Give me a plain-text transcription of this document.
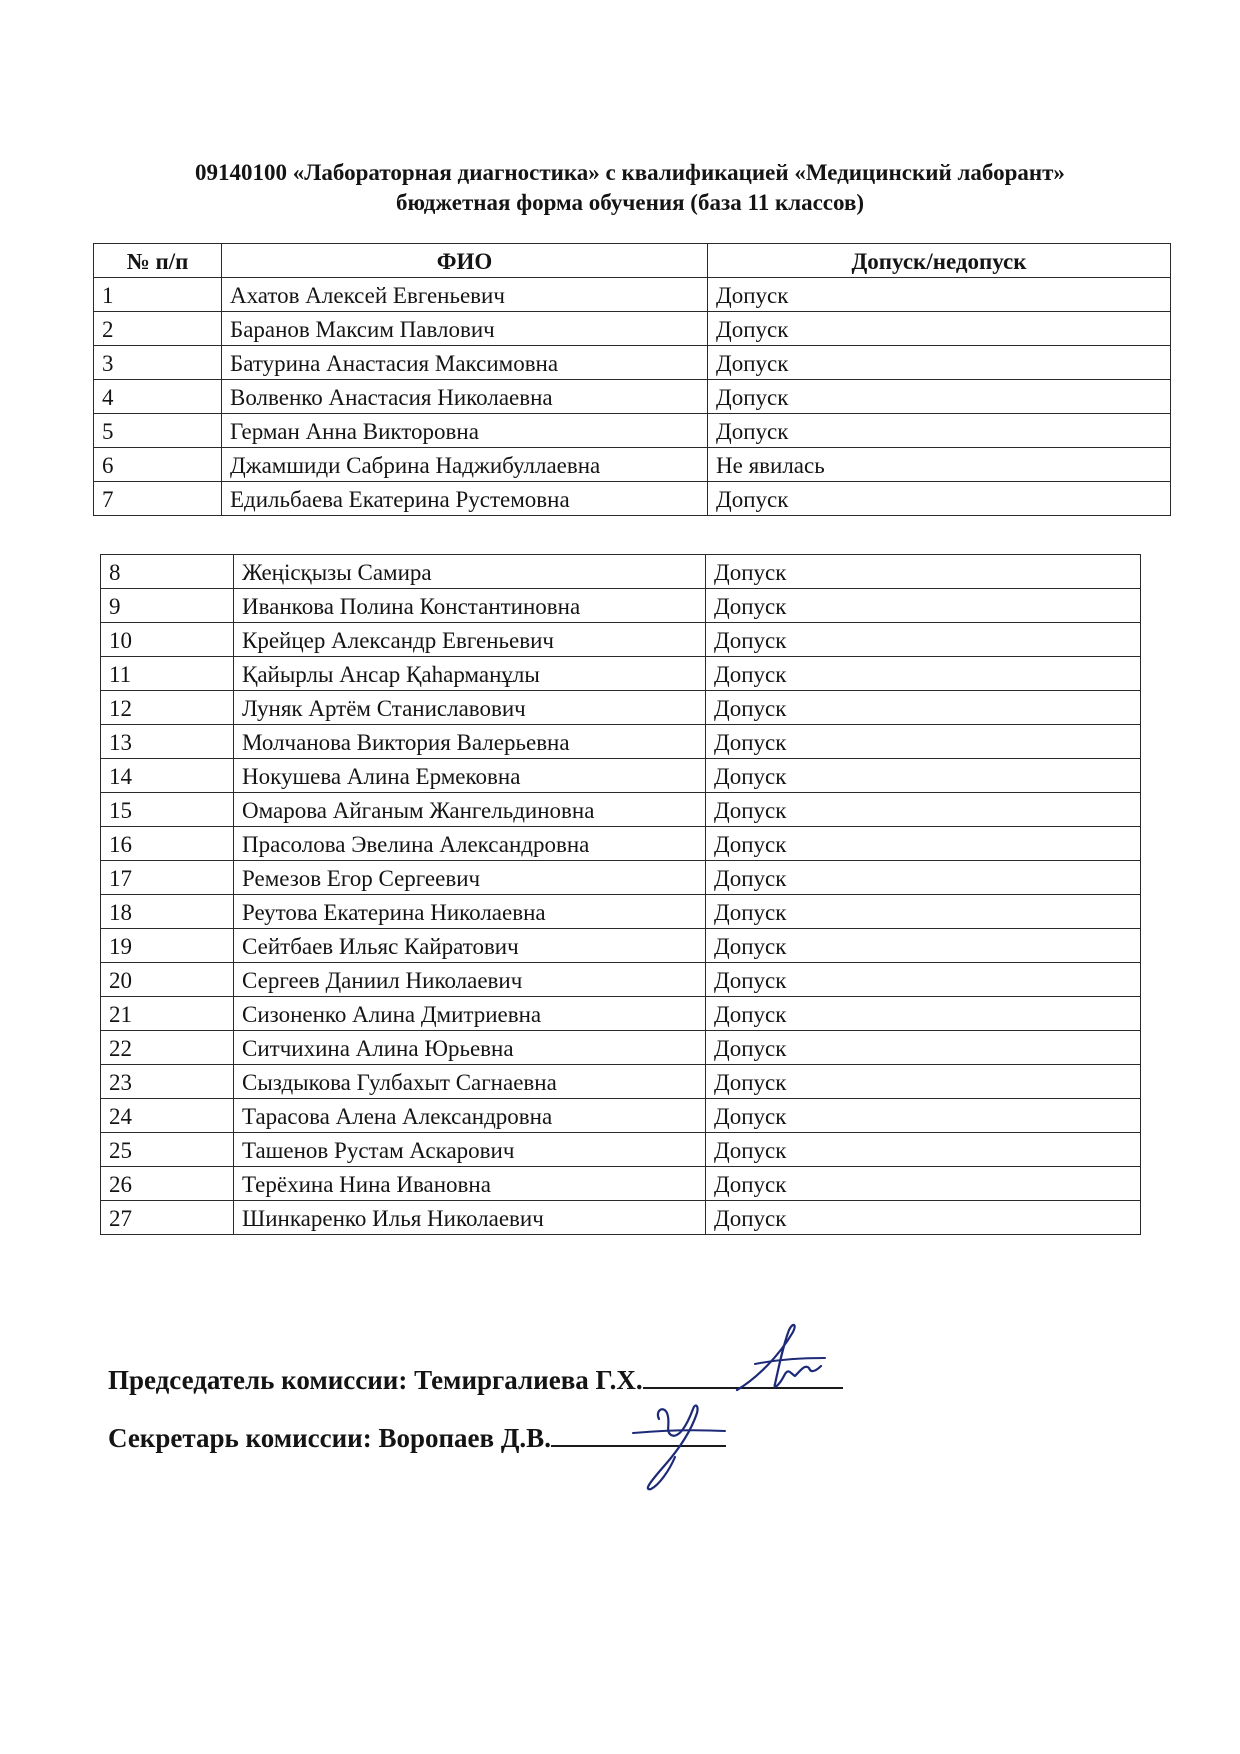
09140100 «Лабораторная диагностика» с квалификацией «Медицинский лаборант»
бюджетная форма обучения (база 11 классов)
№ п/п	ФИО	Допуск/недопуск
1	Ахатов Алексей Евгеньевич	Допуск
2	Баранов Максим Павлович	Допуск
3	Батурина Анастасия Максимовна	Допуск
4	Волвенко Анастасия Николаевна	Допуск
5	Герман Анна Викторовна	Допуск
6	Джамшиди Сабрина Наджибуллаевна	Не явилась
7	Едильбаева Екатерина Рустемовна	Допуск
8	Жеңісқызы Самира	Допуск
9	Иванкова Полина Константиновна	Допуск
10	Крейцер Александр Евгеньевич	Допуск
11	Қайырлы Ансар Қаһарманұлы	Допуск
12	Луняк Артём Станиславович	Допуск
13	Молчанова Виктория Валерьевна	Допуск
14	Нокушева Алина Ермековна	Допуск
15	Омарова Айганым Жангельдиновна	Допуск
16	Прасолова Эвелина Александровна	Допуск
17	Ремезов Егор Сергеевич	Допуск
18	Реутова Екатерина Николаевна	Допуск
19	Сейтбаев Ильяс Кайратович	Допуск
20	Сергеев Даниил Николаевич	Допуск
21	Сизоненко Алина Дмитриевна	Допуск
22	Ситчихина Алина Юрьевна	Допуск
23	Сыздыкова Гулбахыт Сагнаевна	Допуск
24	Тарасова Алена Александровна	Допуск
25	Ташенов Рустам Аскарович	Допуск
26	Терёхина Нина Ивановна	Допуск
27	Шинкаренко Илья Николаевич	Допуск
Председатель комиссии: Темиргалиева Г.Х.
Секретарь комиссии: Воропаев Д.В.
